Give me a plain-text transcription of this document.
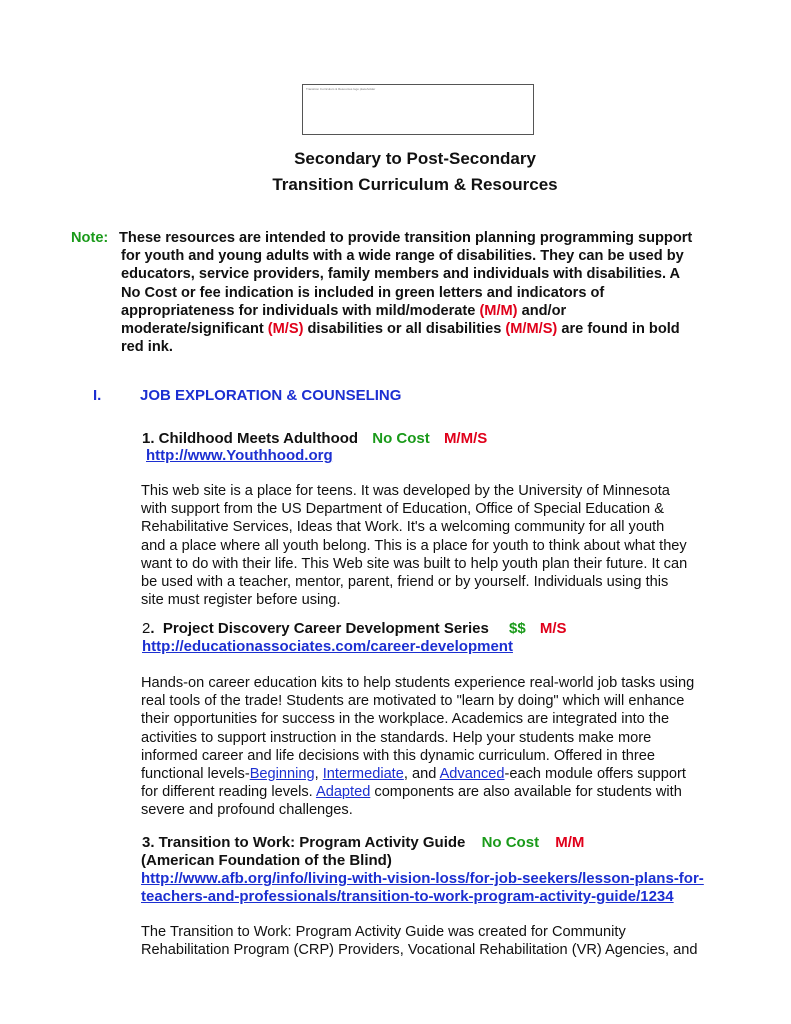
Transition Curriculum & Resources logo placeholder
Secondary to Post-Secondary
Transition Curriculum & Resources
Note: These resources are intended to provide transition planning programming support
for youth and young adults with a wide range of disabilities. They can be used by
educators, service providers, family members and individuals with disabilities. A
No Cost or fee indication is included in green letters and indicators of
appropriateness for individuals with mild/moderate (M/M) and/or
moderate/significant (M/S) disabilities or all disabilities (M/M/S) are found in bold
red ink.
I.	JOB EXPLORATION & COUNSELING
1. Childhood Meets Adulthood No Cost M/M/S
http://www.Youthhood.org
This web site is a place for teens. It was developed by the University of Minnesota
with support from the US Department of Education, Office of Special Education &
Rehabilitative Services, Ideas that Work. It's a welcoming community for all youth
and a place where all youth belong. This is a place for youth to think about what they
want to do with their life. This Web site was built to help youth plan their future. It can
be used with a teacher, mentor, parent, friend or by yourself. Individuals using this
site must register before using.
2.  Project Discovery Career Development Series $$ M/S
http://educationassociates.com/career-development
Hands-on career education kits to help students experience real-world job tasks using
real tools of the trade! Students are motivated to "learn by doing" which will enhance
their opportunities for success in the workplace. Academics are integrated into the
activities to support instruction in the standards. Help your students make more
informed career and life decisions with this dynamic curriculum. Offered in three
functional levels-Beginning, Intermediate, and Advanced-each module offers support
for different reading levels. Adapted components are also available for students with
severe and profound challenges.
3. Transition to Work: Program Activity Guide No Cost M/M
(American Foundation of the Blind)
http://www.afb.org/info/living-with-vision-loss/for-job-seekers/lesson-plans-for-
teachers-and-professionals/transition-to-work-program-activity-guide/1234
The Transition to Work: Program Activity Guide was created for Community
Rehabilitation Program (CRP) Providers, Vocational Rehabilitation (VR) Agencies, and
